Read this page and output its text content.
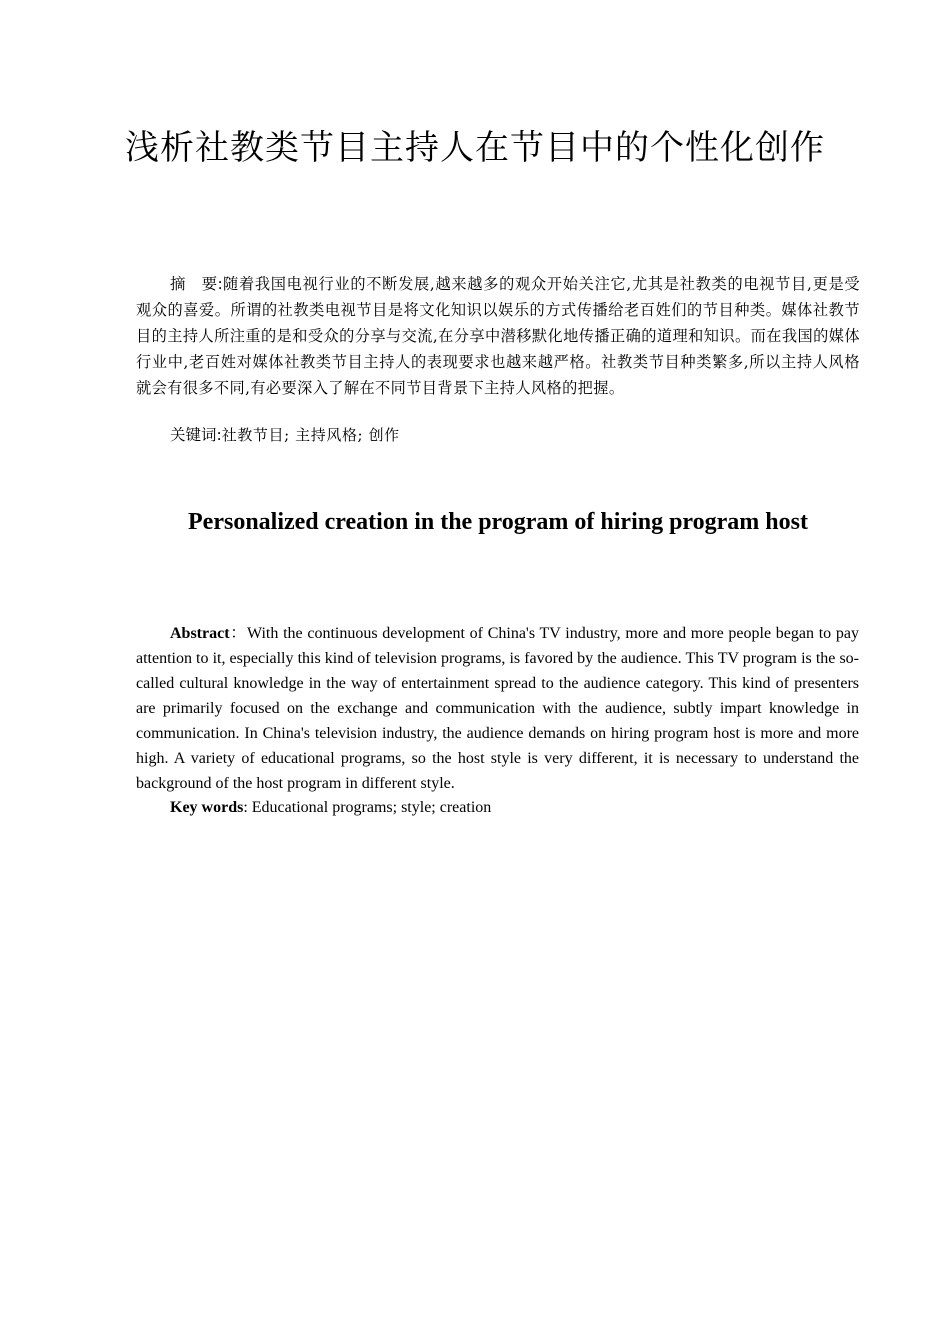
浅析社教类节目主持人在节目中的个性化创作

摘　要:随着我国电视行业的不断发展,越来越多的观众开始关注它,尤其是社教类的电视节目,更是受观众的喜爱。所谓的社教类电视节目是将文化知识以娱乐的方式传播给老百姓们的节目种类。媒体社教节目的主持人所注重的是和受众的分享与交流,在分享中潜移默化地传播正确的道理和知识。而在我国的媒体行业中,老百姓对媒体社教类节目主持人的表现要求也越来越严格。社教类节目种类繁多,所以主持人风格就会有很多不同,有必要深入了解在不同节目背景下主持人风格的把握。

关键词:社教节目; 主持风格; 创作

Personalized creation in the program of hiring program host

Abstract：With the continuous development of China's TV industry, more and more people began to pay attention to it, especially this kind of television programs, is favored by the audience. This TV program is the so-called cultural knowledge in the way of entertainment spread to the audience category. This kind of presenters are primarily focused on the exchange and communication with the audience, subtly impart knowledge in communication. In China's television industry, the audience demands on hiring program host is more and more high. A variety of educational programs, so the host style is very different, it is necessary to understand the background of the host program in different style.

Key words: Educational programs; style; creation
